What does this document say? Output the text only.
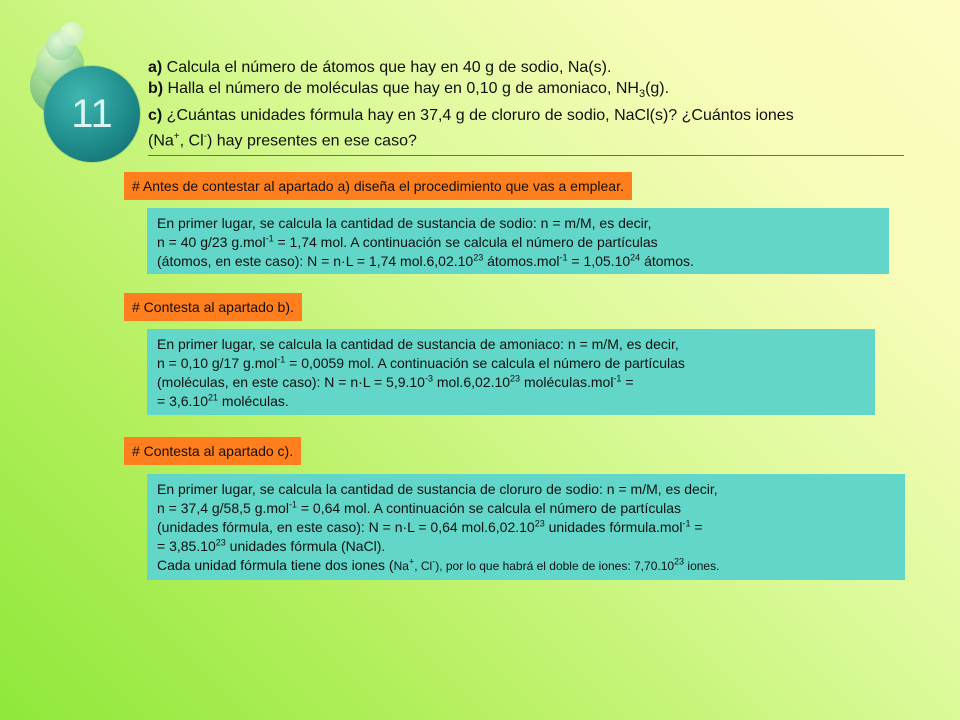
11
a) Calcula el número de átomos que hay en 40 g de sodio, Na(s).
b) Halla el número de moléculas que hay en 0,10 g de amoniaco, $NH_3(g)$.
c) ¿Cuántas unidades fórmula hay en 37,4 g de cloruro de sodio, NaCl(s)? ¿Cuántos iones
(Na+, Cl-) hay presentes en ese caso?
# Antes de contestar al apartado a) diseña el procedimiento que vas a emplear.
En primer lugar, se calcula la cantidad de sustancia de sodio: n = m/M, es decir,
n = 40 g/23 g.mol$^{-1}$ = 1,74 mol. A continuación se calcula el número de partículas
(átomos, en este caso): N = n·L = 1,74 mol.6,02.10$^{23}$ átomos.mol$^{-1}$ = $1,05.10^{24}$ átomos.
# Contesta al apartado b).
En primer lugar, se calcula la cantidad de sustancia de amoniaco: n = m/M, es decir,
n = 0,10 g/17 g.mol$^{-1}$ = 0,0059 mol. A continuación se calcula el número de partículas
(moléculas, en este caso): $N = n\cdot L = 5,9.10^{-3}$ mol.6,02.10$^{23}$ moléculas.mol$^{-1}$ =
= $3,6.10^{21}$ moléculas.
# Contesta al apartado c).
En primer lugar, se calcula la cantidad de sustancia de cloruro de sodio: n = m/M, es decir,
n = 37,4 g/58,5 g.mol$^{-1}$ = 0,64 mol. A continuación se calcula el número de partículas
(unidades fórmula, en este caso): N = n·L = 0,64 mol.6,02.10$^{23}$ unidades fórmula.mol$^{-1}$ =
= $3,85.10^{23}$ unidades fórmula (NaCl).
Cada unidad fórmula tiene dos iones (Na+, Cl-), por lo que habrá el doble de iones: 7,70.10$^{23}$ iones.
